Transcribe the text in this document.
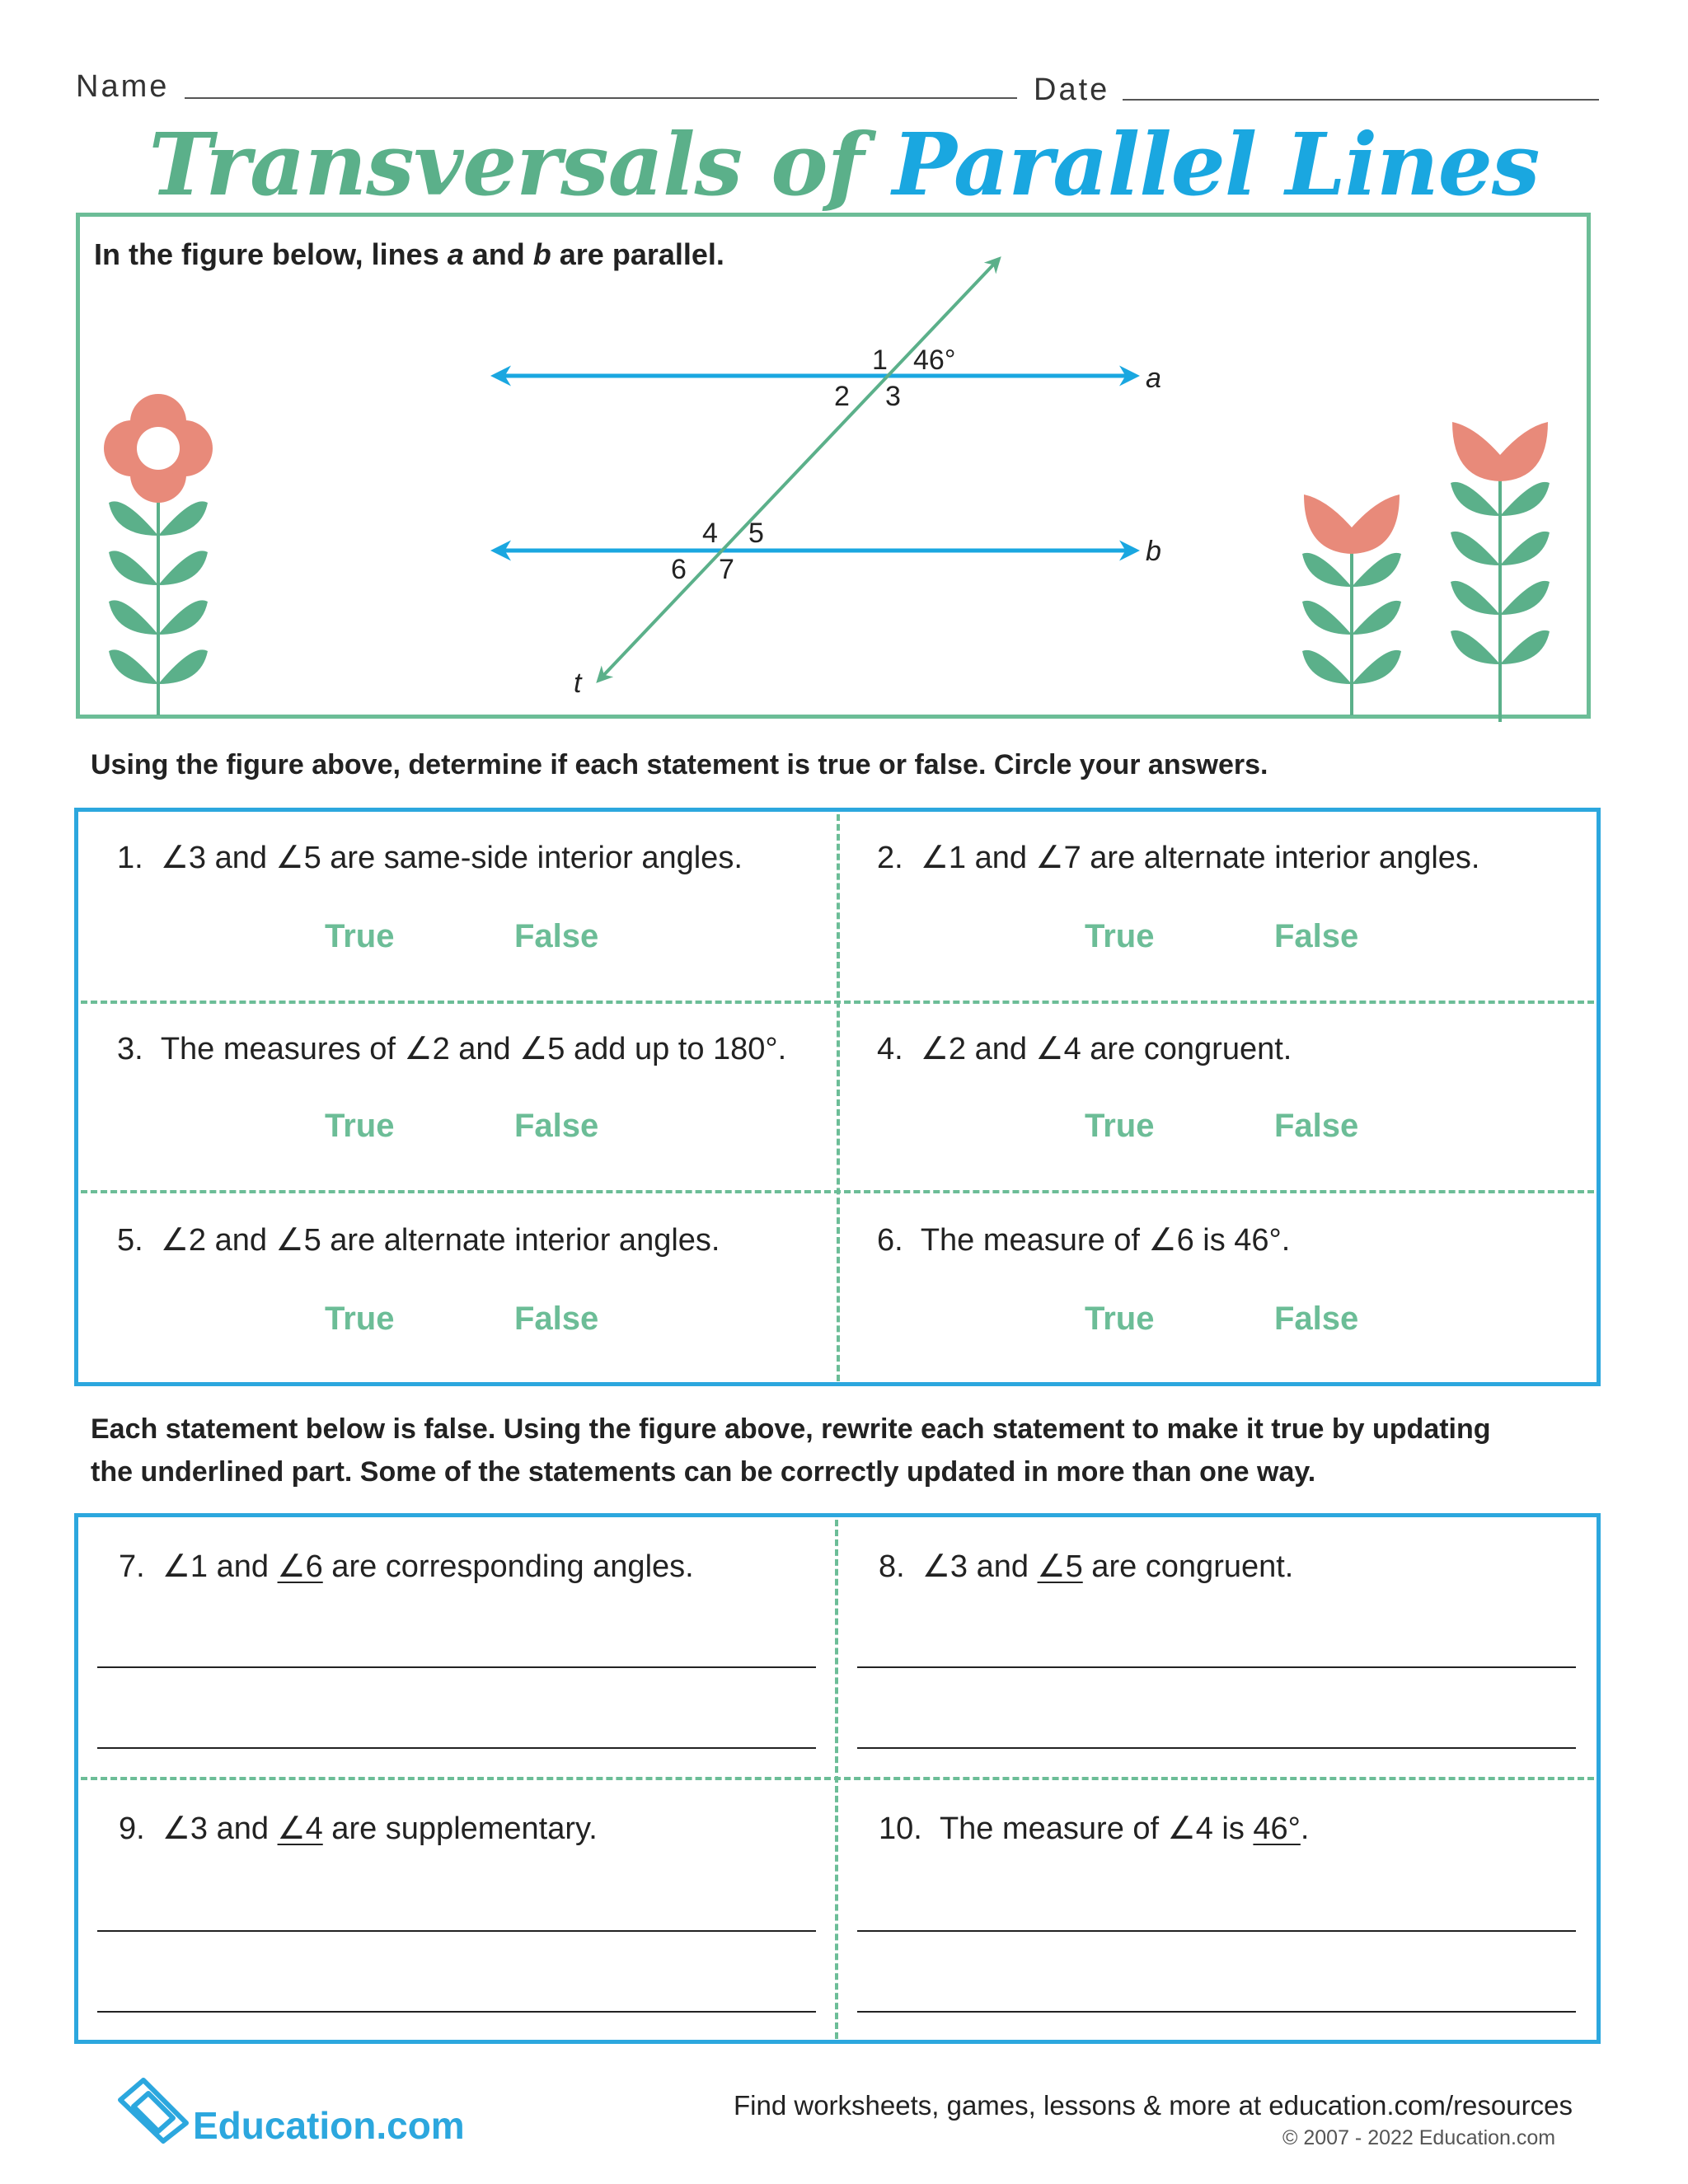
Name	Date
Transversals of Parallel Lines
In the figure below, lines a and b are parallel.
1 46°
2 3
4 5
6 7
a
b
t
Using the figure above, determine if each statement is true or false. Circle your answers.
1. ∠3 and ∠5 are same-side interior angles.
True	False
2. ∠1 and ∠7 are alternate interior angles.
True	False
3. The measures of ∠2 and ∠5 add up to 180°.
True	False
4. ∠2 and ∠4 are congruent.
True	False
5. ∠2 and ∠5 are alternate interior angles.
True	False
6. The measure of ∠6 is 46°.
True	False
Each statement below is false. Using the figure above, rewrite each statement to make it true by updating
the underlined part. Some of the statements can be correctly updated in more than one way.
7. ∠1 and ∠6 are corresponding angles.	8. ∠3 and ∠5 are congruent.
9. ∠3 and ∠4 are supplementary.	10. The measure of ∠4 is 46°.
Education.com	Find worksheets, games, lessons & more at education.com/resources
© 2007 - 2022 Education.com
